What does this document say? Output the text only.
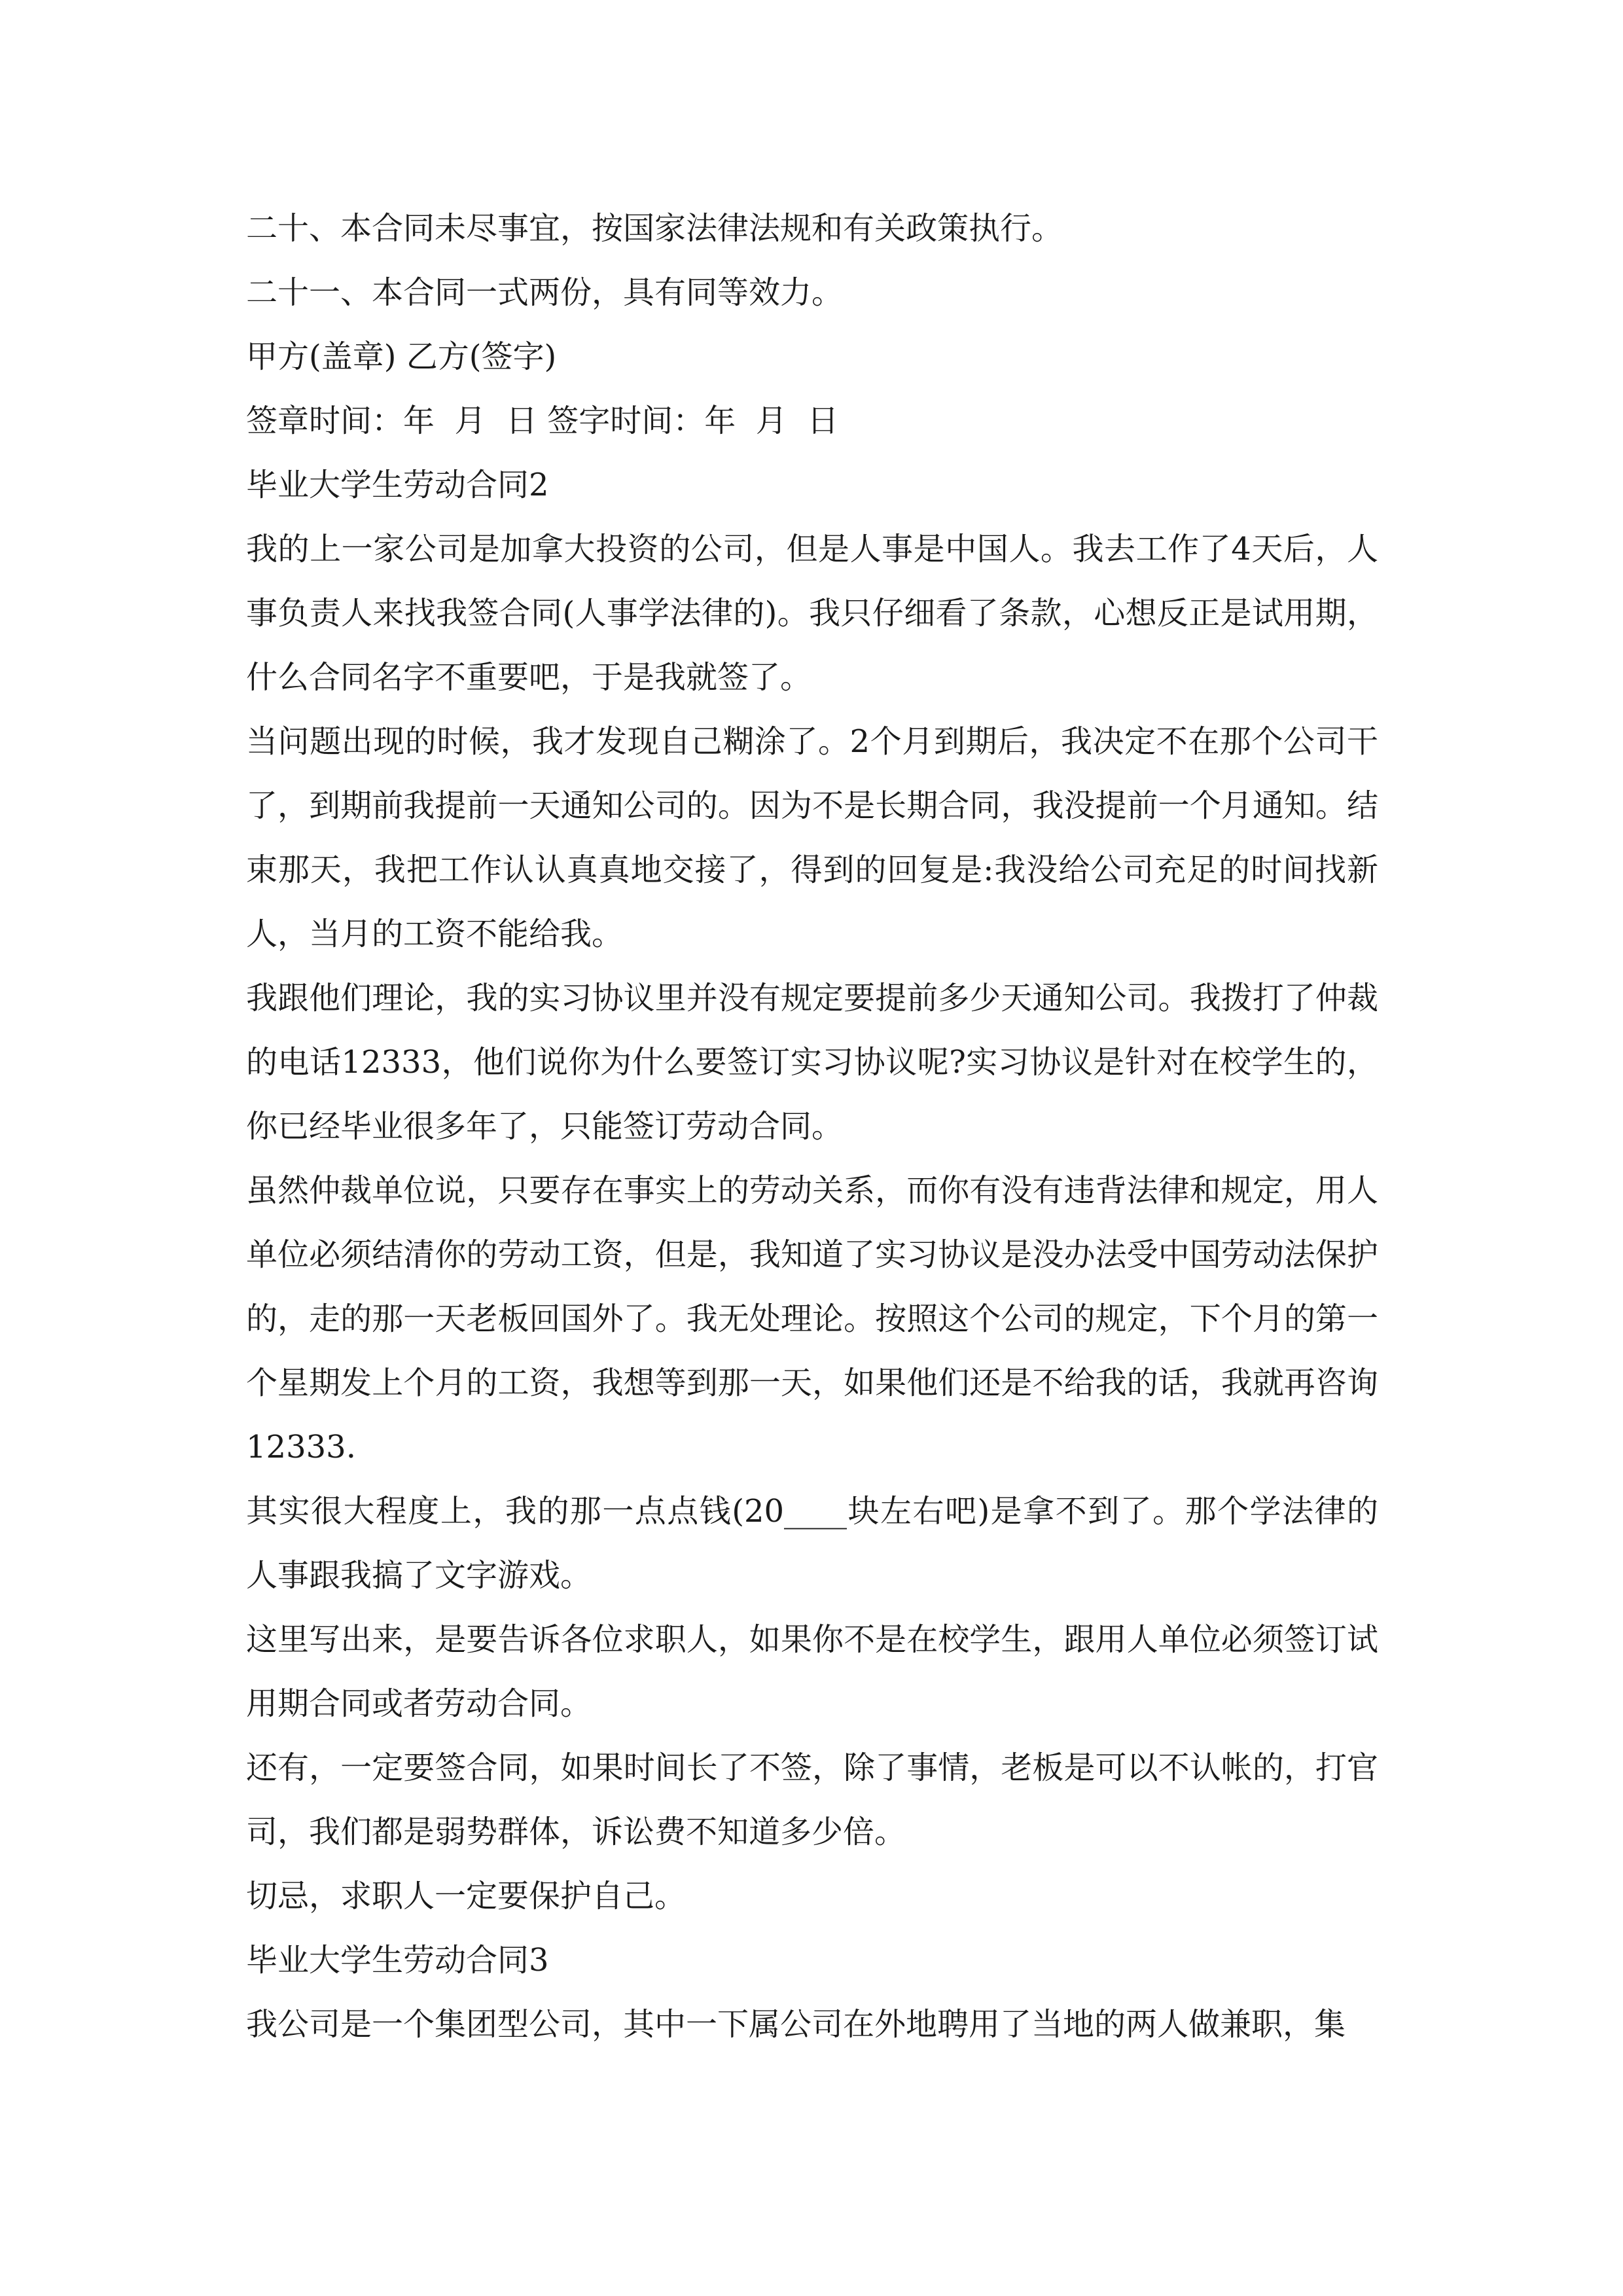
二十、本合同未尽事宜，按国家法律法规和有关政策执行。

二十一、本合同一式两份，具有同等效力。

甲方(盖章) 乙方(签字)

签章时间：年  月  日 签字时间：年  月  日

毕业大学生劳动合同2

我的上一家公司是加拿大投资的公司，但是人事是中国人。我去工作了4天后，人事负责人来找我签合同(人事学法律的)。我只仔细看了条款，心想反正是试用期，什么合同名字不重要吧，于是我就签了。

当问题出现的时候，我才发现自己糊涂了。2个月到期后，我决定不在那个公司干了，到期前我提前一天通知公司的。因为不是长期合同，我没提前一个月通知。结束那天，我把工作认认真真地交接了，得到的回复是:我没给公司充足的时间找新人，当月的工资不能给我。

我跟他们理论，我的实习协议里并没有规定要提前多少天通知公司。我拨打了仲裁的电话12333，他们说你为什么要签订实习协议呢?实习协议是针对在校学生的，你已经毕业很多年了，只能签订劳动合同。

虽然仲裁单位说，只要存在事实上的劳动关系，而你有没有违背法律和规定，用人单位必须结清你的劳动工资，但是，我知道了实习协议是没办法受中国劳动法保护的，走的那一天老板回国外了。我无处理论。按照这个公司的规定，下个月的第一个星期发上个月的工资，我想等到那一天，如果他们还是不给我的话，我就再咨询12333.

其实很大程度上，我的那一点点钱(20____块左右吧)是拿不到了。那个学法律的人事跟我搞了文字游戏。

这里写出来，是要告诉各位求职人，如果你不是在校学生，跟用人单位必须签订试用期合同或者劳动合同。

还有，一定要签合同，如果时间长了不签，除了事情，老板是可以不认帐的，打官司，我们都是弱势群体，诉讼费不知道多少倍。

切忌，求职人一定要保护自己。

毕业大学生劳动合同3

我公司是一个集团型公司，其中一下属公司在外地聘用了当地的两人做兼职，集
